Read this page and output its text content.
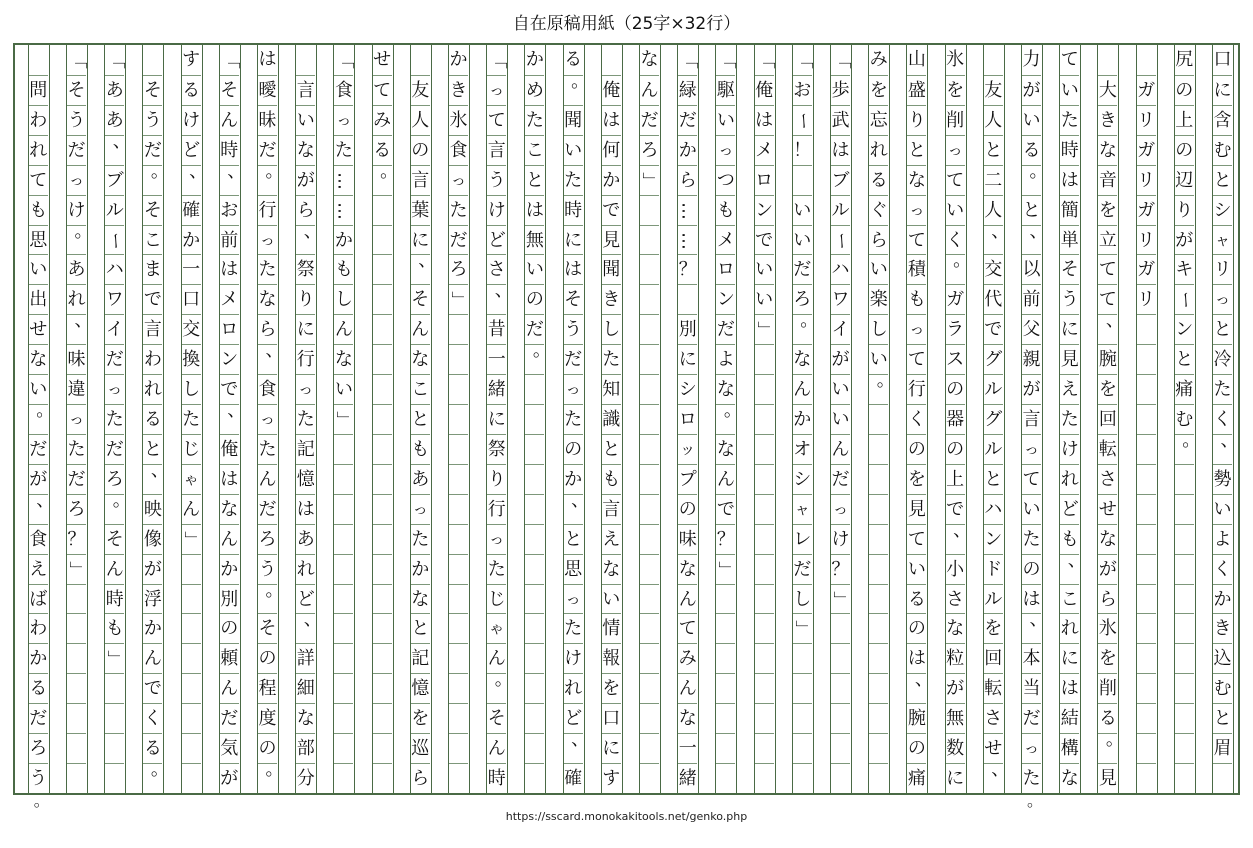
自在原稿用紙（25字×32行）
口
に
含
む
と
シ
ャ
リ
っ
と
冷
た
く
、
勢
い
よ
く
か
き
込
む
と
眉
尻
の
上
の
辺
り
が
キ
ー
ン
と
痛
む
。
ガ
リ
ガ
リ
ガ
リ
ガ
リ
大
き
な
音
を
立
て
て
、
腕
を
回
転
さ
せ
な
が
ら
氷
を
削
る
。
見
て
い
た
時
は
簡
単
そ
う
に
見
え
た
け
れ
ど
も
、
こ
れ
に
は
結
構
な
力
が
い
る
。
と
、
以
前
父
親
が
言
っ
て
い
た
の
は
、
本
当
だ
っ
た
友
人
と
二
人
、
交
代
で
グ
ル
グ
ル
と
ハ
ン
ド
ル
を
回
転
さ
せ
、
氷
を
削
っ
て
い
く
。
ガ
ラ
ス
の
器
の
上
で
、
小
さ
な
粒
が
無
数
に
山
盛
り
と
な
っ
て
積
も
っ
て
行
く
の
を
見
て
い
る
の
は
、
腕
の
痛
み
を
忘
れ
る
ぐ
ら
い
楽
し
い
。
「
歩
武
は
ブ
ル
ー
ハ
ワ
イ
が
い
い
ん
だ
っ
け
？
」
「
お
ー
！
い
い
だ
ろ
。
な
ん
か
オ
シ
ャ
レ
だ
し
」
「
俺
は
メ
ロ
ン
で
い
い
」
「
駆
い
っ
つ
も
メ
ロ
ン
だ
よ
な
。
な
ん
で
？
」
「
緑
だ
か
ら
…
…
？
別
に
シ
ロ
ッ
プ
の
味
な
ん
て
み
ん
な
一
緒
な
ん
だ
ろ
」
俺
は
何
か
で
見
聞
き
し
た
知
識
と
も
言
え
な
い
情
報
を
口
に
す
る
。
聞
い
た
時
に
は
そ
う
だ
っ
た
の
か
、
と
思
っ
た
け
れ
ど
、
確
か
め
た
こ
と
は
無
い
の
だ
。
「
っ
て
言
う
け
ど
さ
、
昔
一
緒
に
祭
り
行
っ
た
じ
ゃ
ん
。
そ
ん
時
か
き
氷
食
っ
た
だ
ろ
」
友
人
の
言
葉
に
、
そ
ん
な
こ
と
も
あ
っ
た
か
な
と
記
憶
を
巡
ら
せ
て
み
る
。
「
食
っ
た
…
…
か
も
し
ん
な
い
」
言
い
な
が
ら
、
祭
り
に
行
っ
た
記
憶
は
あ
れ
ど
、
詳
細
な
部
分
は
曖
昧
だ
。
行
っ
た
な
ら
、
食
っ
た
ん
だ
ろ
う
。
そ
の
程
度
の
。
「
そ
ん
時
、
お
前
は
メ
ロ
ン
で
、
俺
は
な
ん
か
別
の
頼
ん
だ
気
が
す
る
け
ど
、
確
か
一
口
交
換
し
た
じ
ゃ
ん
」
そ
う
だ
。
そ
こ
ま
で
言
わ
れ
る
と
、
映
像
が
浮
か
ん
で
く
る
。
「
あ
あ
、
ブ
ル
ー
ハ
ワ
イ
だ
っ
た
だ
ろ
。
そ
ん
時
も
」
「
そ
う
だ
っ
け
。
あ
れ
、
味
違
っ
た
だ
ろ
？
」
問
わ
れ
て
も
思
い
出
せ
な
い
。
だ
が
、
食
え
ば
わ
か
る
だ
ろ
う
https://sscard.monokakitools.net/genko.php
。
。
